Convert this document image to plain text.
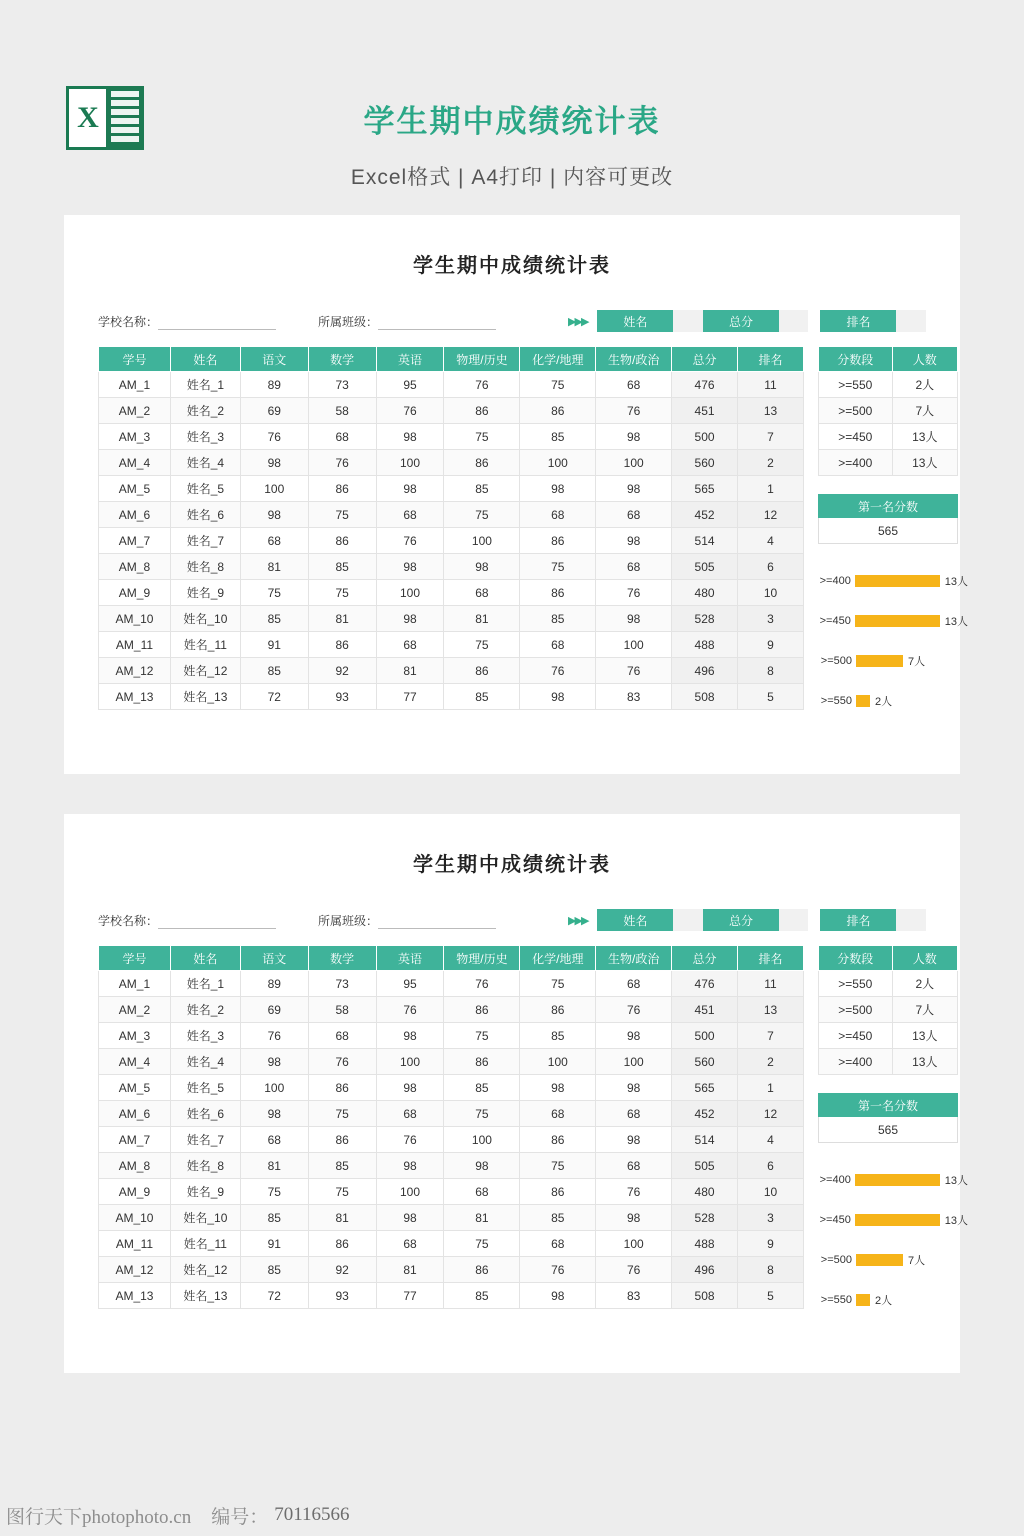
X	学生期中成绩统计表
Excel格式 | A4打印 | 内容可更改
学生期中成绩统计表
学校名称：	所属班级：	▶▶▶	姓名	总分	排名
学号	姓名	语文	数学	英语	物理/历史	化学/地理	生物/政治	总分	排名
AM_1	姓名_1	89	73	95	76	75	68	476	11
AM_2	姓名_2	69	58	76	86	86	76	451	13
AM_3	姓名_3	76	68	98	75	85	98	500	7
AM_4	姓名_4	98	76	100	86	100	100	560	2
AM_5	姓名_5	100	86	98	85	98	98	565	1
AM_6	姓名_6	98	75	68	75	68	68	452	12
AM_7	姓名_7	68	86	76	100	86	98	514	4
AM_8	姓名_8	81	85	98	98	75	68	505	6
AM_9	姓名_9	75	75	100	68	86	76	480	10
AM_10	姓名_10	85	81	98	81	85	98	528	3
AM_11	姓名_11	91	86	68	75	68	100	488	9
AM_12	姓名_12	85	92	81	86	76	76	496	8
AM_13	姓名_13	72	93	77	85	98	83	508	5
分数段	人数
>=550	2人
>=500	7人
>=450	13人
>=400	13人
第一名分数
565
>=400	13人
>=450	13人
>=500	7人
>=550 2人
学生期中成绩统计表
学校名称：	所属班级：	▶▶▶	姓名	总分	排名
学号	姓名	语文	数学	英语	物理/历史	化学/地理	生物/政治	总分	排名
AM_1	姓名_1	89	73	95	76	75	68	476	11
AM_2	姓名_2	69	58	76	86	86	76	451	13
AM_3	姓名_3	76	68	98	75	85	98	500	7
AM_4	姓名_4	98	76	100	86	100	100	560	2
AM_5	姓名_5	100	86	98	85	98	98	565	1
AM_6	姓名_6	98	75	68	75	68	68	452	12
AM_7	姓名_7	68	86	76	100	86	98	514	4
AM_8	姓名_8	81	85	98	98	75	68	505	6
AM_9	姓名_9	75	75	100	68	86	76	480	10
AM_10	姓名_10	85	81	98	81	85	98	528	3
AM_11	姓名_11	91	86	68	75	68	100	488	9
AM_12	姓名_12	85	92	81	86	76	76	496	8
AM_13	姓名_13	72	93	77	85	98	83	508	5
分数段	人数
>=550	2人
>=500	7人
>=450	13人
>=400	13人
第一名分数
565
>=400	13人
>=450	13人
>=500	7人
>=550 2人
图行天下photophoto.cn 编号： 70116566
